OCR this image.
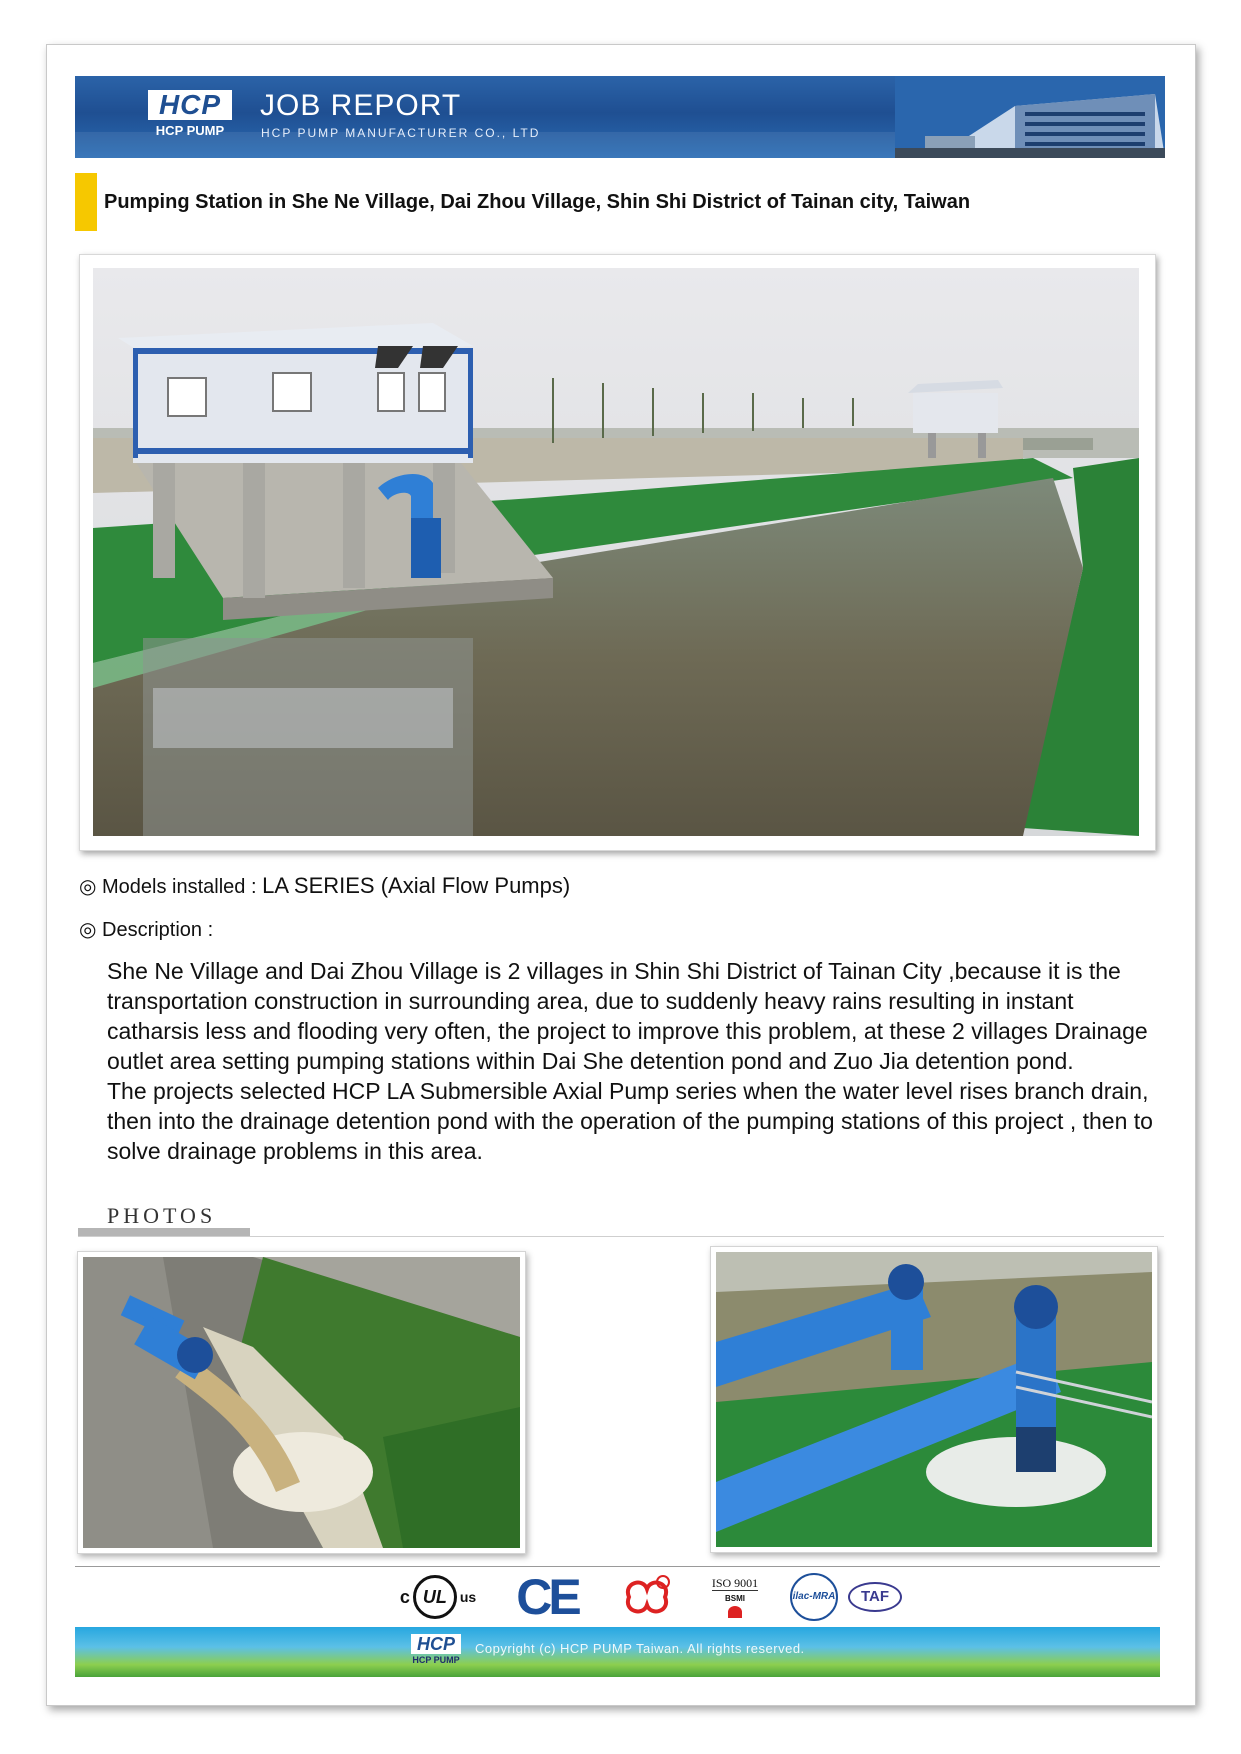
HCP
HCP PUMP
JOB REPORT
HCP PUMP MANUFACTURER CO., LTD
Pumping Station in She Ne Village, Dai Zhou Village, Shin Shi District of Tainan city, Taiwan
◎ Models installed : LA SERIES (Axial Flow Pumps)
◎ Description :

She Ne Village and Dai Zhou Village is 2 villages in Shin Shi District of Tainan City ,because it is the transportation construction in surrounding area, due to suddenly heavy rains resulting in instant catharsis less and flooding very often, the project to improve this problem, at these 2 villages Drainage outlet area setting pumping stations within Dai She detention pond and Zuo Jia detention pond.

The projects selected HCP LA Submersible Axial Pump series when the water level rises branch drain, then into the drainage detention pond with the operation of the pumping stations of this project , then to solve drainage problems in this area.

PHOTOS
c UL us CE	ISO 9001
BSMI	ilac-MRA	TAF
HCP
HCP PUMP
Copyright (c) HCP PUMP Taiwan. All rights reserved.
